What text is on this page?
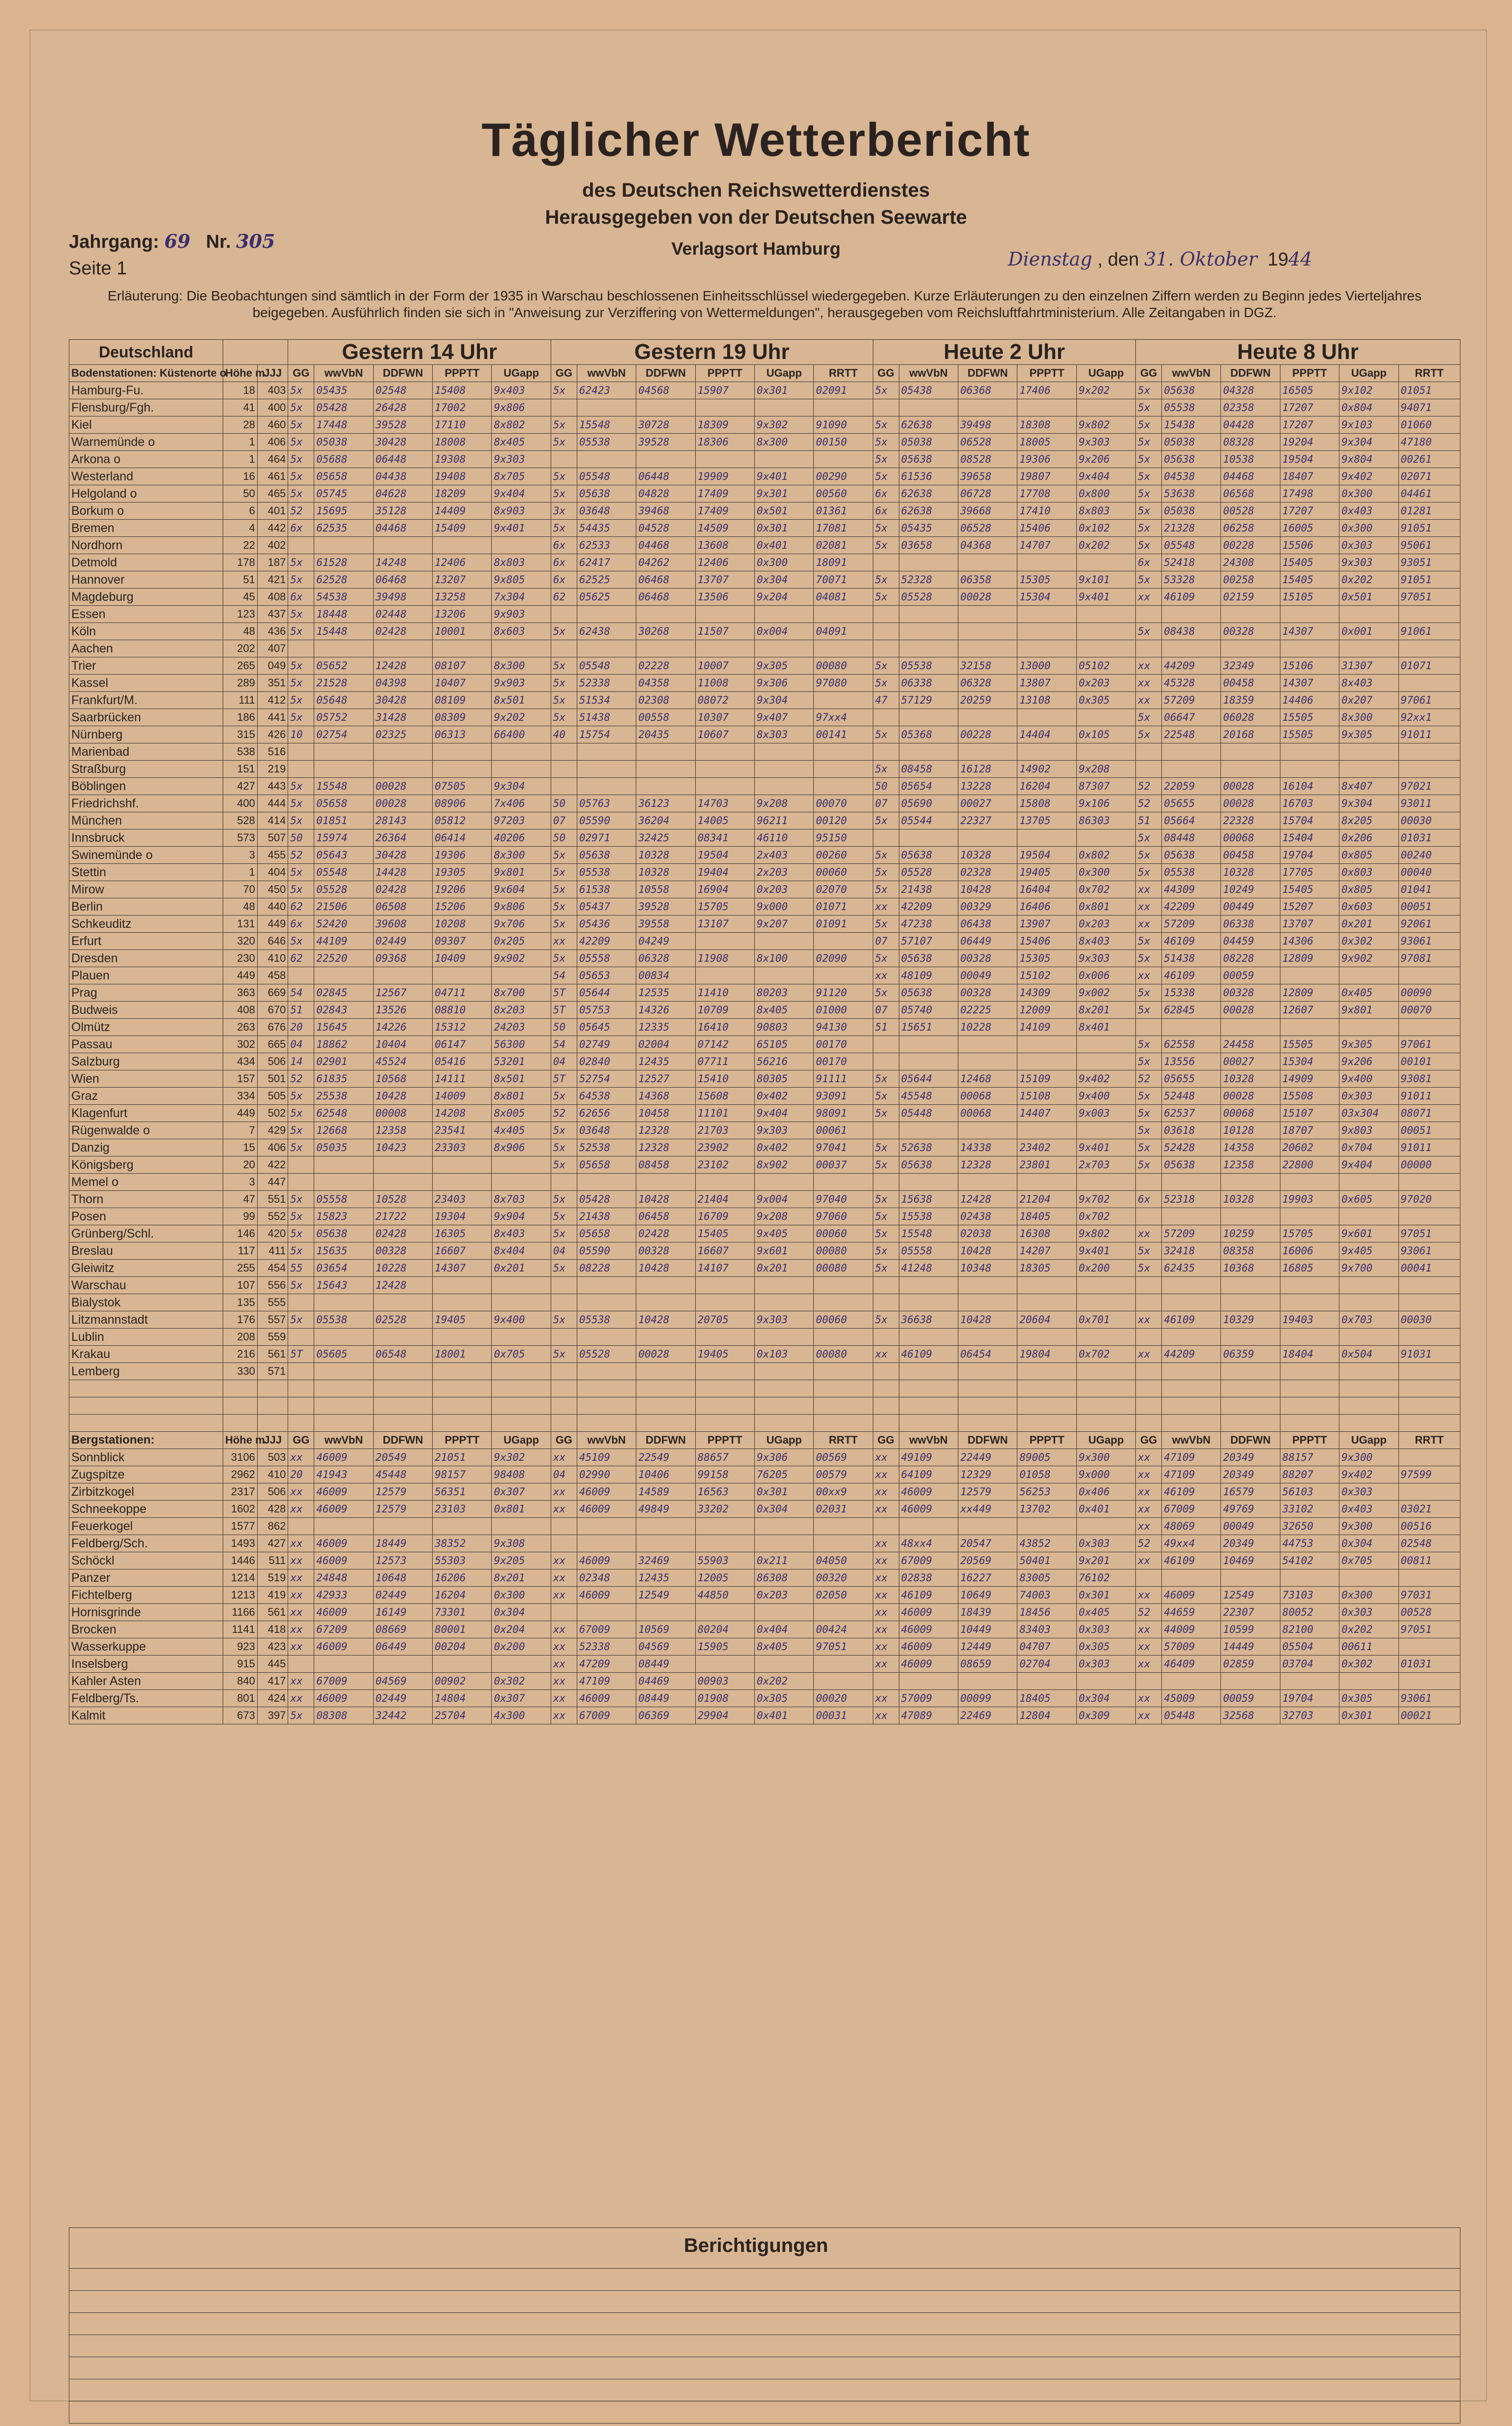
Täglicher Wetterbericht
des Deutschen Reichswetterdienstes
Herausgegeben von der Deutschen Seewarte
Verlagsort Hamburg
Jahrgang: 69 Nr. 305
Seite 1	Dienstag , den 31. Oktober 1944
Erläuterung: Die Beobachtungen sind sämtlich in der Form der 1935 in Warschau beschlossenen Einheitsschlüssel wiedergegeben. Kurze Erläuterungen zu den einzelnen Ziffern werden zu Beginn jedes Vierteljahres beigegeben. Ausführlich finden sie sich in "Anweisung zur Verziffering von Wettermeldungen", herausgegeben vom Reichsluftfahrtministerium. Alle Zeitangaben in DGZ.
Deutschland			Gestern 14 Uhr					Gestern 19 Uhr						Heute 2 Uhr					Heute 8 Uhr					
Bodenstationen: Küstenorte o	Höhe m	JJJ	GG	wwVbN	DDFWN	PPPTT	UGapp	GG	wwVbN	DDFWN	PPPTT	UGapp	RRTT	GG	wwVbN	DDFWN	PPPTT	UGapp	GG	wwVbN	DDFWN	PPPTT	UGapp	RRTT
Hamburg-Fu.	18	403	5x	05435	02548	15408	9x403	5x	62423	04568	15907	0x301	02091	5x	05438	06368	17406	9x202	5x	05638	04328	16505	9x102	01051
Flensburg/Fgh.	41	400	5x	05428	26428	17002	9x806												5x	05538	02358	17207	0x804	94071
Kiel	28	460	5x	17448	39528	17110	8x802	5x	15548	30728	18309	9x302	91090	5x	62638	39498	18308	9x802	5x	15438	04428	17207	9x103	01060
Warnemünde o	1	406	5x	05038	30428	18008	8x405	5x	05538	39528	18306	8x300	00150	5x	05038	06528	18005	9x303	5x	05038	08328	19204	9x304	47180
Arkona o	1	464	5x	05688	06448	19308	9x303							5x	05638	08528	19306	9x206	5x	05638	10538	19504	9x804	00261
Westerland	16	461	5x	05658	04438	19408	8x705	5x	05548	06448	19909	9x401	00290	5x	61536	39658	19807	9x404	5x	04538	04468	18407	9x402	02071
Helgoland o	50	465	5x	05745	04628	18209	9x404	5x	05638	04828	17409	9x301	00560	6x	62638	06728	17708	0x800	5x	53638	06568	17498	0x300	04461
Borkum o	6	401	52	15695	35128	14409	8x903	3x	03648	39468	17409	0x501	01361	6x	62638	39668	17410	8x803	5x	05038	00528	17207	0x403	01281
Bremen	4	442	6x	62535	04468	15409	9x401	5x	54435	04528	14509	0x301	17081	5x	05435	06528	15406	0x102	5x	21328	06258	16005	0x300	91051
Nordhorn	22	402						6x	62533	04468	13608	0x401	02081	5x	03658	04368	14707	0x202	5x	05548	00228	15506	0x303	95061
Detmold	178	187	5x	61528	14248	12406	8x803	6x	62417	04262	12406	0x300	18091						6x	52418	24308	15405	9x303	93051
Hannover	51	421	5x	62528	06468	13207	9x805	6x	62525	06468	13707	0x304	70071	5x	52328	06358	15305	9x101	5x	53328	00258	15405	0x202	91051
Magdeburg	45	408	6x	54538	39498	13258	7x304	62	05625	06468	13506	9x204	04081	5x	05528	00028	15304	9x401	xx	46109	02159	15105	0x501	97051
Essen	123	437	5x	18448	02448	13206	9x903																	
Köln	48	436	5x	15448	02428	10001	8x603	5x	62438	30268	11507	0x004	04091						5x	08438	00328	14307	0x001	91061
Aachen	202	407																						
Trier	265	049	5x	05652	12428	08107	8x300	5x	05548	02228	10007	9x305	00080	5x	05538	32158	13000	05102	xx	44209	32349	15106	31307	01071
Kassel	289	351	5x	21528	04398	10407	9x903	5x	52338	04358	11008	9x306	97080	5x	06338	06328	13807	0x203	xx	45328	00458	14307	8x403	
Frankfurt/M.	111	412	5x	05648	30428	08109	8x501	5x	51534	02308	08072	9x304		47	57129	20259	13108	0x305	xx	57209	18359	14406	0x207	97061
Saarbrücken	186	441	5x	05752	31428	08309	9x202	5x	51438	00558	10307	9x407	97xx4						5x	06647	06028	15505	8x300	92xx1
Nürnberg	315	426	10	02754	02325	06313	66400	40	15754	20435	10607	8x303	00141	5x	05368	00228	14404	0x105	5x	22548	20168	15505	9x305	91011
Marienbad	538	516																						
Straßburg	151	219												5x	08458	16128	14902	9x208						
Böblingen	427	443	5x	15548	00028	07505	9x304							50	05654	13228	16204	87307	52	22059	00028	16104	8x407	97021
Friedrichshf.	400	444	5x	05658	00028	08906	7x406	50	05763	36123	14703	9x208	00070	07	05690	00027	15808	9x106	52	05655	00028	16703	9x304	93011
München	528	414	5x	01851	28143	05812	97203	07	05590	36204	14005	96211	00120	5x	05544	22327	13705	86303	51	05664	22328	15704	8x205	00030
Innsbruck	573	507	50	15974	26364	06414	40206	50	02971	32425	08341	46110	95150						5x	08448	00068	15404	0x206	01031
Swinemünde o	3	455	52	05643	30428	19306	8x300	5x	05638	10328	19504	2x403	00260	5x	05638	10328	19504	0x802	5x	05638	00458	19704	0x805	00240
Stettin	1	404	5x	05548	14428	19305	9x801	5x	05538	10328	19404	2x203	00060	5x	05528	02328	19405	0x300	5x	05538	10328	17705	0x803	00040
Mirow	70	450	5x	05528	02428	19206	9x604	5x	61538	10558	16904	0x203	02070	5x	21438	10428	16404	0x702	xx	44309	10249	15405	0x805	01041
Berlin	48	440	62	21506	06508	15206	9x806	5x	05437	39528	15705	9x000	01071	xx	42209	00329	16406	0x801	xx	42209	00449	15207	0x603	00051
Schkeuditz	131	449	6x	52420	39608	10208	9x706	5x	05436	39558	13107	9x207	01091	5x	47238	06438	13907	0x203	xx	57209	06338	13707	0x201	92061
Erfurt	320	646	5x	44109	02449	09307	0x205	xx	42209	04249				07	57107	06449	15406	8x403	5x	46109	04459	14306	0x302	93061
Dresden	230	410	62	22520	09368	10409	9x902	5x	05558	06328	11908	8x100	02090	5x	05638	00328	15305	9x303	5x	51438	08228	12809	9x902	97081
Plauen	449	458						54	05653	00834				xx	48109	00049	15102	0x006	xx	46109	00059			
Prag	363	669	54	02845	12567	04711	8x700	5T	05644	12535	11410	80203	91120	5x	05638	00328	14309	9x002	5x	15338	00328	12809	0x405	00090
Budweis	408	670	51	02843	13526	08810	8x203	5T	05753	14326	10709	8x405	01000	07	05740	02225	12009	8x201	5x	62845	00028	12607	9x801	00070
Olmütz	263	676	20	15645	14226	15312	24203	50	05645	12335	16410	90803	94130	51	15651	10228	14109	8x401						
Passau	302	665	04	18862	10404	06147	56300	54	02749	02004	07142	65105	00170						5x	62558	24458	15505	9x305	97061
Salzburg	434	506	14	02901	45524	05416	53201	04	02840	12435	07711	56216	00170						5x	13556	00027	15304	9x206	00101
Wien	157	501	52	61835	10568	14111	8x501	5T	52754	12527	15410	80305	91111	5x	05644	12468	15109	9x402	52	05655	10328	14909	9x400	93081
Graz	334	505	5x	25538	10428	14009	8x801	5x	64538	14368	15608	0x402	93091	5x	45548	00068	15108	9x400	5x	52448	00028	15508	0x303	91011
Klagenfurt	449	502	5x	62548	00008	14208	8x005	52	62656	10458	11101	9x404	98091	5x	05448	00068	14407	9x003	5x	62537	00068	15107	03x304	08071
Rügenwalde o	7	429	5x	12668	12358	23541	4x405	5x	03648	12328	21703	9x303	00061						5x	03618	10128	18707	9x803	00051
Danzig	15	406	5x	05035	10423	23303	8x906	5x	52538	12328	23902	0x402	97041	5x	52638	14338	23402	9x401	5x	52428	14358	20602	0x704	91011
Königsberg	20	422						5x	05658	08458	23102	8x902	00037	5x	05638	12328	23801	2x703	5x	05638	12358	22800	9x404	00000
Memel o	3	447																						
Thorn	47	551	5x	05558	10528	23403	8x703	5x	05428	10428	21404	9x004	97040	5x	15638	12428	21204	9x702	6x	52318	10328	19903	0x605	97020
Posen	99	552	5x	15823	21722	19304	9x904	5x	21438	06458	16709	9x208	97060	5x	15538	02438	18405	0x702						
Grünberg/Schl.	146	420	5x	05638	02428	16305	8x403	5x	05658	02428	15405	9x405	00060	5x	15548	02038	16308	9x802	xx	57209	10259	15705	9x601	97051
Breslau	117	411	5x	15635	00328	16607	8x404	04	05590	00328	16607	9x601	00080	5x	05558	10428	14207	9x401	5x	32418	08358	16006	9x405	93061
Gleiwitz	255	454	55	03654	10228	14307	0x201	5x	08228	10428	14107	0x201	00080	5x	41248	10348	18305	0x200	5x	62435	10368	16805	9x700	00041
Warschau	107	556	5x	15643	12428																			
Bialystok	135	555																						
Litzmannstadt	176	557	5x	05538	02528	19405	9x400	5x	05538	10428	20705	9x303	00060	5x	36638	10428	20604	0x701	xx	46109	10329	19403	0x703	00030
Lublin	208	559																						
Krakau	216	561	5T	05605	06548	18001	0x705	5x	05528	00028	19405	0x103	00080	xx	46109	06454	19804	0x702	xx	44209	06359	18404	0x504	91031
Lemberg	330	571																						

Bergstationen:	Höhe m	JJJ	GG	wwVbN	DDFWN	PPPTT	UGapp	GG	wwVbN	DDFWN	PPPTT	UGapp	RRTT	GG	wwVbN	DDFWN	PPPTT	UGapp	GG	wwVbN	DDFWN	PPPTT	UGapp	RRTT
Sonnblick	3106	503	xx	46009	20549	21051	9x302	xx	45109	22549	88657	9x306	00569	xx	49109	22449	89005	9x300	xx	47109	20349	88157	9x300	
Zugspitze	2962	410	20	41943	45448	98157	98408	04	02990	10406	99158	76205	00579	xx	64109	12329	01058	9x000	xx	47109	20349	88207	9x402	97599
Zirbitzkogel	2317	506	xx	46009	12579	56351	0x307	xx	46009	14589	16563	0x301	00xx9	xx	46009	12579	56253	0x406	xx	46109	16579	56103	0x303	
Schneekoppe	1602	428	xx	46009	12579	23103	0x801	xx	46009	49849	33202	0x304	02031	xx	46009	xx449	13702	0x401	xx	67009	49769	33102	0x403	03021
Feuerkogel	1577	862																	xx	48069	00049	32650	9x300	00516
Feldberg/Sch.	1493	427	xx	46009	18449	38352	9x308							xx	48xx4	20547	43852	0x303	52	49xx4	20349	44753	0x304	02548
Schöckl	1446	511	xx	46009	12573	55303	9x205	xx	46009	32469	55903	0x211	04050	xx	67009	20569	50401	9x201	xx	46109	10469	54102	0x705	00811
Panzer	1214	519	xx	24848	10648	16206	8x201	xx	02348	12435	12005	86308	00320	xx	02838	16227	83005	76102						
Fichtelberg	1213	419	xx	42933	02449	16204	0x300	xx	46009	12549	44850	0x203	02050	xx	46109	10649	74003	0x301	xx	46009	12549	73103	0x300	97031
Hornisgrinde	1166	561	xx	46009	16149	73301	0x304							xx	46009	18439	18456	0x405	52	44659	22307	80052	0x303	00528
Brocken	1141	418	xx	67209	08669	80001	0x204	xx	67009	10569	80204	0x404	00424	xx	46009	10449	83403	0x303	xx	44009	10599	82100	0x202	97051
Wasserkuppe	923	423	xx	46009	06449	00204	0x200	xx	52338	04569	15905	8x405	97051	xx	46009	12449	04707	0x305	xx	57009	14449	05504	00611	
Inselsberg	915	445						xx	47209	08449				xx	46009	08659	02704	0x303	xx	46409	02859	03704	0x302	01031
Kahler Asten	840	417	xx	67009	04569	00902	0x302	xx	47109	04469	00903	0x202												
Feldberg/Ts.	801	424	xx	46009	02449	14804	0x307	xx	46009	08449	01908	0x305	00020	xx	57009	00099	18405	0x304	xx	45009	00059	19704	0x305	93061
Kalmit	673	397	5x	08308	32442	25704	4x300	xx	67009	06369	29904	0x401	00031	xx	47089	22469	12804	0x309	xx	05448	32568	32703	0x301	00021
Berichtigungen
